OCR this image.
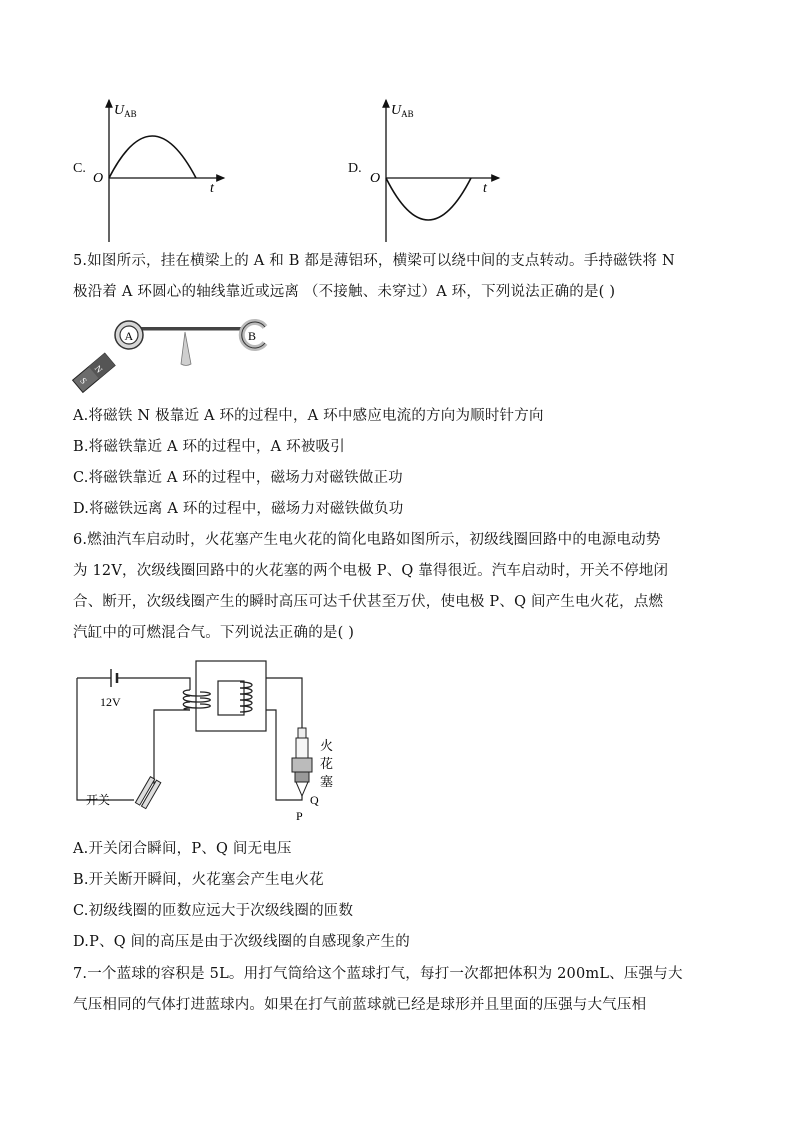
C.
$U_{AB}$
O
t
D.
$U_{AB}$
O
t
5.如图所示，挂在横梁上的 A 和 B 都是薄铝环，横梁可以绕中间的支点转动。手持磁铁将 N
极沿着 A 环圆心的轴线靠近或远离 （不接触、未穿过）A 环，下列说法正确的是( )
A	B
N
S
A.将磁铁 N 极靠近 A 环的过程中，A 环中感应电流的方向为顺时针方向
B.将磁铁靠近 A 环的过程中，A 环被吸引
C.将磁铁靠近 A 环的过程中，磁场力对磁铁做正功
D.将磁铁远离 A 环的过程中，磁场力对磁铁做负功
6.燃油汽车启动时，火花塞产生电火花的简化电路如图所示，初级线圈回路中的电源电动势
为 12V，次级线圈回路中的火花塞的两个电极 P、Q 靠得很近。汽车启动时，开关不停地闭
合、断开，次级线圈产生的瞬时高压可达千伏甚至万伏，使电极 P、Q 间产生电火花，点燃
汽缸中的可燃混合气。下列说法正确的是( )
12V
开关
火
花
塞
Q
P
A.开关闭合瞬间，P、Q 间无电压
B.开关断开瞬间，火花塞会产生电火花
C.初级线圈的匝数应远大于次级线圈的匝数
D.P、Q 间的高压是由于次级线圈的自感现象产生的
7.一个蓝球的容积是 5L。用打气筒给这个蓝球打气，每打一次都把体积为 200mL、压强与大
气压相同的气体打进蓝球内。如果在打气前蓝球就已经是球形并且里面的压强与大气压相
